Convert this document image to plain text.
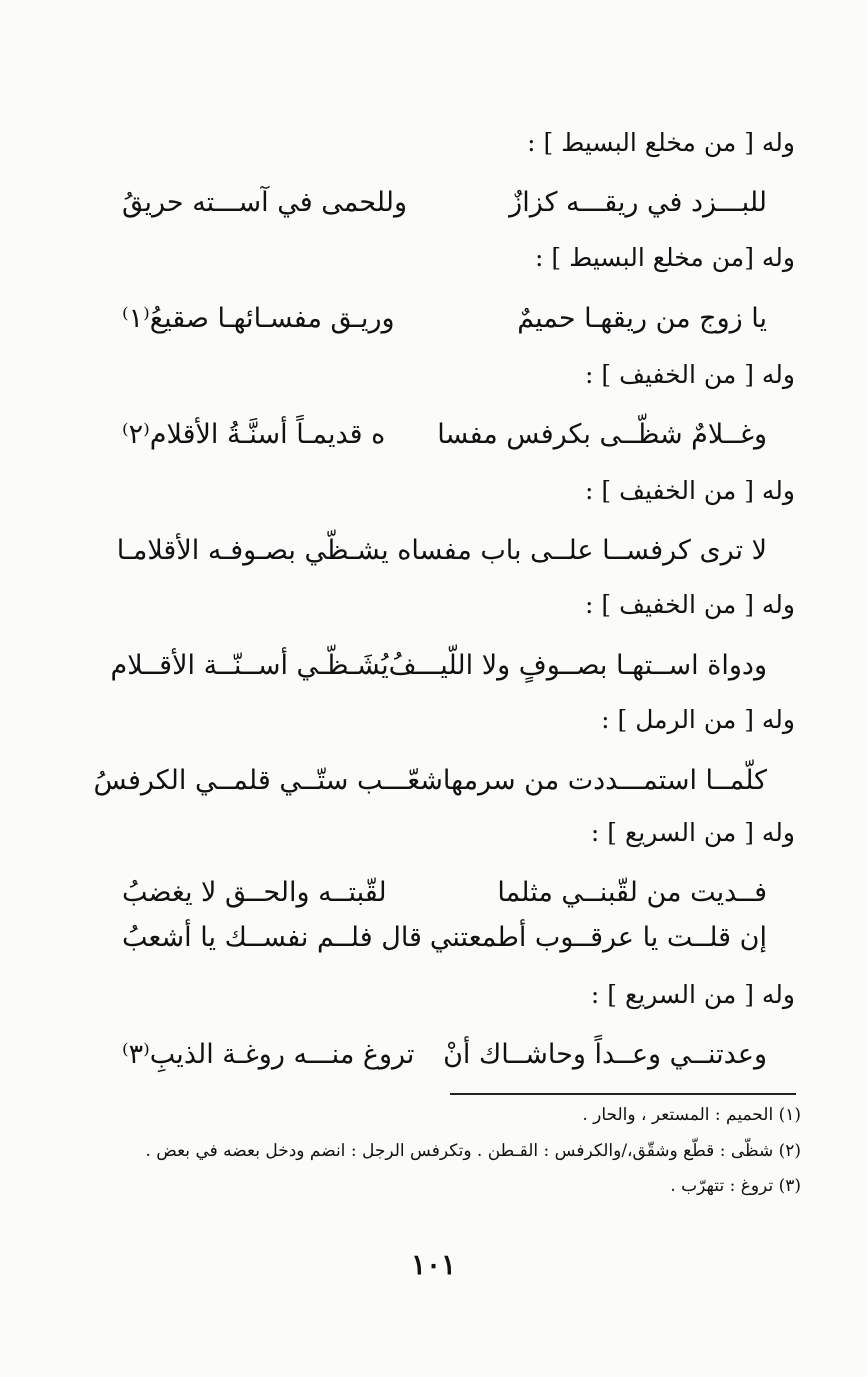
وله [ من مخلع البسيط ] :
للبـــزد في ريقـــه كزازٌ
وللحمى في آســـته حريقُ
وله [من مخلع البسيط ] :
يا زوج من ريقهـا حميمٌ
وريـق مفسـائهـا صقيعُ⁽١⁾
وله [ من الخفيف ] :
وغــلامٌ شظّــى بكرفس مفسا
ه قديمـاً أسنَّـةُ الأقلام⁽٢⁾
وله [ من الخفيف ] :
لا ترى كرفســا علــى باب مفسا
ه يشـظّي بصـوفـه الأقلامـا
وله [ من الخفيف ] :
ودواة اســتهـا بصــوفٍ ولا اللّيـــفُ
يُشَـظّـي أســنّــة الأقــلام
وله [ من الرمل ] :
كلّمــا استمـــددت من سرمها
شعّـــب ستّــي قلمــي الكرفسُ
وله [ من السريع ] :
فــديت من لقّبنــي مثلما
لقّبتــه والحــق لا يغضبُ
إن قلــت يا عرقــوب أطمعتني
قال فلــم نفســك يا أشعبُ
وله [ من السريع ] :
وعدتنــي وعــداً وحاشــاك أنْ
تروغ منـــه روغـة الذيبِ⁽٣⁾
(١) الحميم : المستعر ، والحار .
(٢) شظّى : قطّع وشقّق،/والكرفس : القـطن . وتكرفس الرجل : انضم ودخل بعضه في بعض .
(٣) تروغ : تتهرّب .
١٠١
